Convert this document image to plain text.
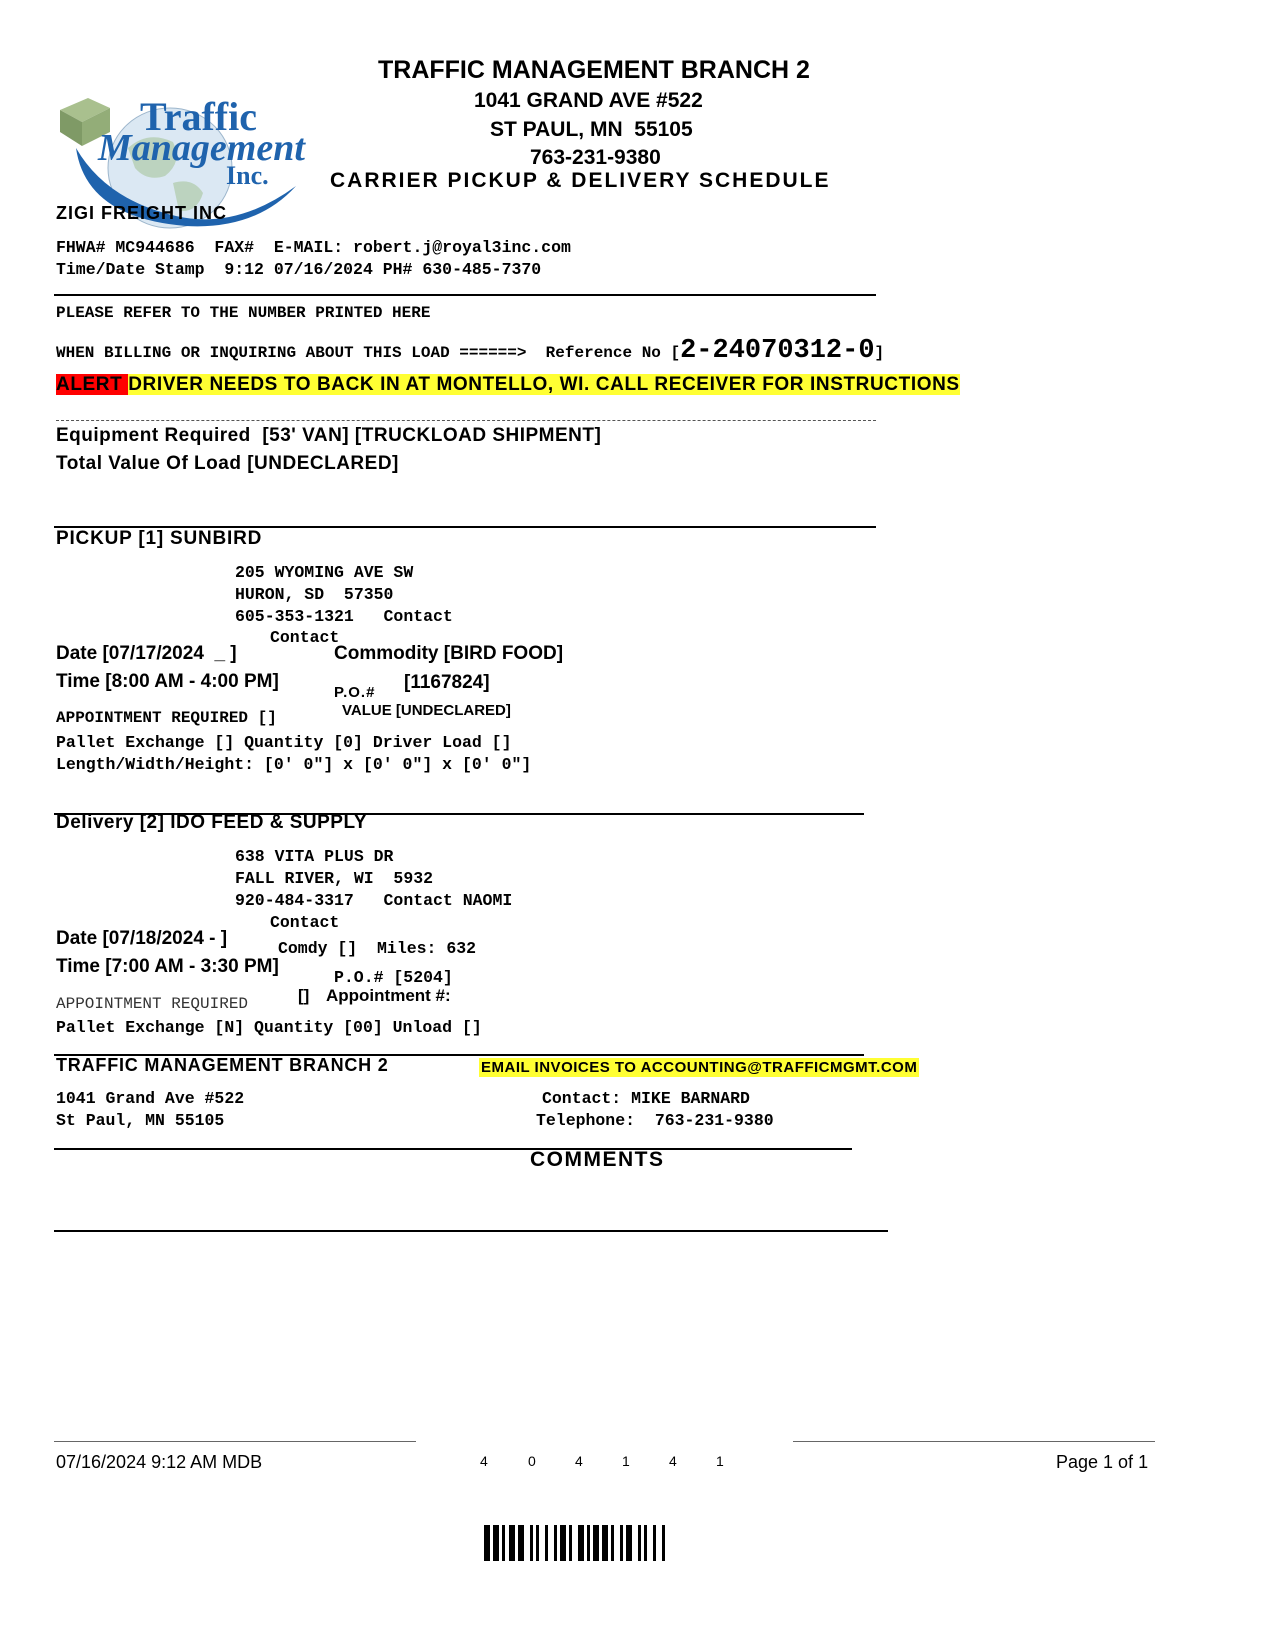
Traffic
Management
Inc.

TRAFFIC MANAGEMENT BRANCH 2
1041 GRAND AVE #522
ST PAUL, MN  55105
763-231-9380
CARRIER PICKUP & DELIVERY SCHEDULE
ZIGI FREIGHT INC
FHWA# MC944686  FAX#  E-MAIL: robert.j@royal3inc.com
Time/Date Stamp  9:12 07/16/2024 PH# 630-485-7370
PLEASE REFER TO THE NUMBER PRINTED HERE
WHEN BILLING OR INQUIRING ABOUT THIS LOAD ======>  Reference No [2-24070312-0]
ALERT DRIVER NEEDS TO BACK IN AT MONTELLO, WI. CALL RECEIVER FOR INSTRUCTIONS
Equipment Required  [53' VAN] [TRUCKLOAD SHIPMENT]
Total Value Of Load [UNDECLARED]
PICKUP [1] SUNBIRD
205 WYOMING AVE SW
HURON, SD  57350
605-353-1321   Contact
Contact
Date [07/17/2024  _ ]	Commodity [BIRD FOOD]
Time [8:00 AM - 4:00 PM]
P.O.# [1167824]
VALUE [UNDECLARED]
APPOINTMENT REQUIRED []
Pallet Exchange [] Quantity [0] Driver Load []
Length/Width/Height: [0' 0"] x [0' 0"] x [0' 0"]
Delivery [2] IDO FEED & SUPPLY
638 VITA PLUS DR
FALL RIVER, WI  5932
920-484-3317   Contact NAOMI
Contact
Date [07/18/2024 - ]	Comdy []  Miles: 632
Time [7:00 AM - 3:30 PM]
P.O.# [5204]
APPOINTMENT REQUIRED	[] Appointment #:
Pallet Exchange [N] Quantity [00] Unload []
TRAFFIC MANAGEMENT BRANCH 2	EMAIL INVOICES TO ACCOUNTING@TRAFFICMGMT.COM
1041 Grand Ave #522
St Paul, MN 55105
Contact: MIKE BARNARD
Telephone:  763-231-9380
COMMENTS
07/16/2024 9:12 AM MDB	Page 1 of 1
4	0	4	1	4	1
